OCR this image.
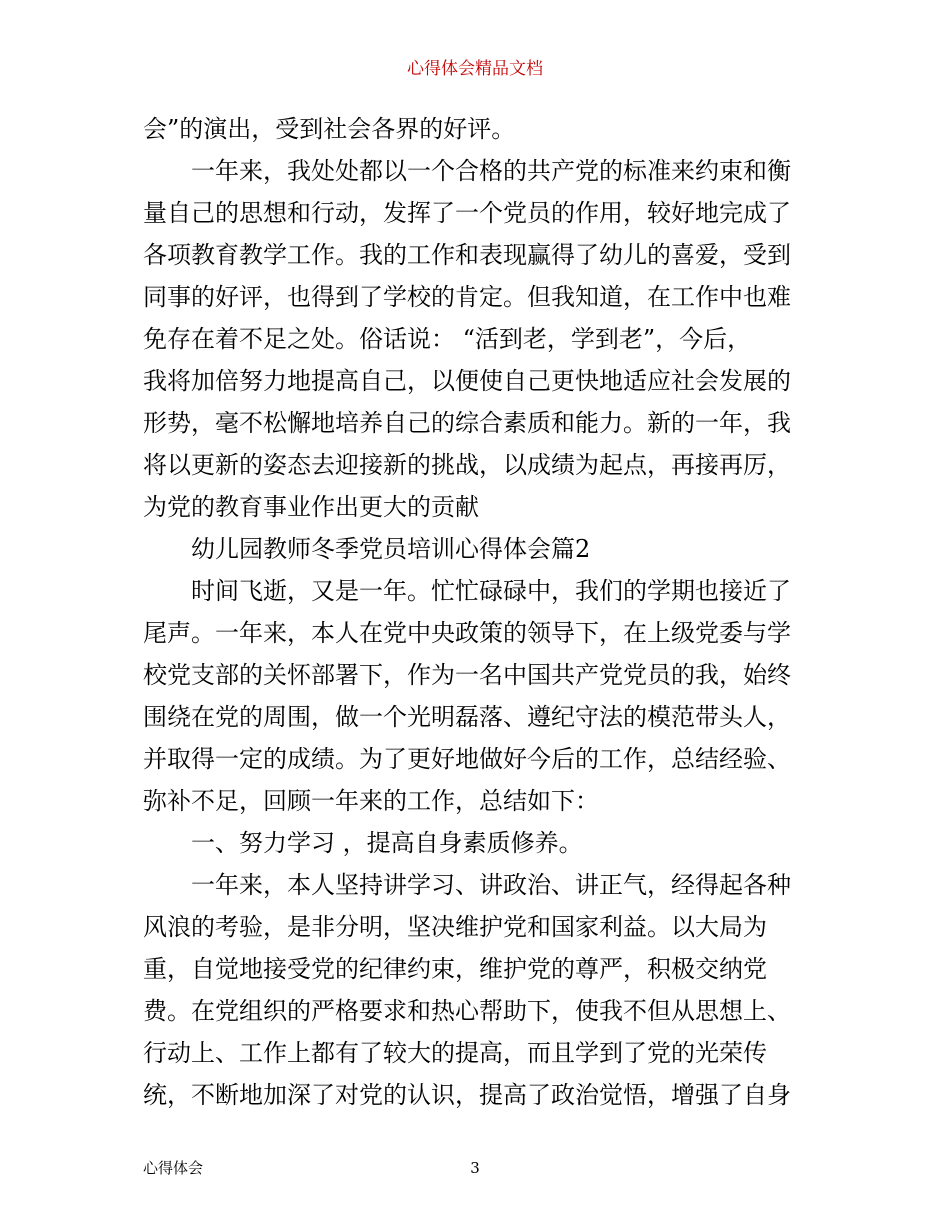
心得体会精品文档
会”的演出，受到社会各界的好评。
一年来，我处处都以一个合格的共产党的标准来约束和衡
量自己的思想和行动，发挥了一个党员的作用，较好地完成了
各项教育教学工作。我的工作和表现赢得了幼儿的喜爱，受到
同事的好评，也得到了学校的肯定。但我知道，在工作中也难
免存在着不足之处。俗话说： “活到老，学到老”，今后，
我将加倍努力地提高自己，以便使自己更快地适应社会发展的
形势，毫不松懈地培养自己的综合素质和能力。新的一年，我
将以更新的姿态去迎接新的挑战，以成绩为起点，再接再厉，
为党的教育事业作出更大的贡献
幼儿园教师冬季党员培训心得体会篇2
时间飞逝，又是一年。忙忙碌碌中，我们的学期也接近了
尾声。一年来，本人在党中央政策的领导下，在上级党委与学
校党支部的关怀部署下，作为一名中国共产党党员的我，始终
围绕在党的周围，做一个光明磊落、遵纪守法的模范带头人，
并取得一定的成绩。为了更好地做好今后的工作，总结经验、
弥补不足，回顾一年来的工作，总结如下：
一、努力学习 ，提高自身素质修养。
一年来，本人坚持讲学习、讲政治、讲正气，经得起各种
风浪的考验，是非分明，坚决维护党和国家利益。以大局为
重，自觉地接受党的纪律约束，维护党的尊严，积极交纳党
费。在党组织的严格要求和热心帮助下，使我不但从思想上、
行动上、工作上都有了较大的提高，而且学到了党的光荣传
统，不断地加深了对党的认识，提高了政治觉悟，增强了自身
心得体会	3
